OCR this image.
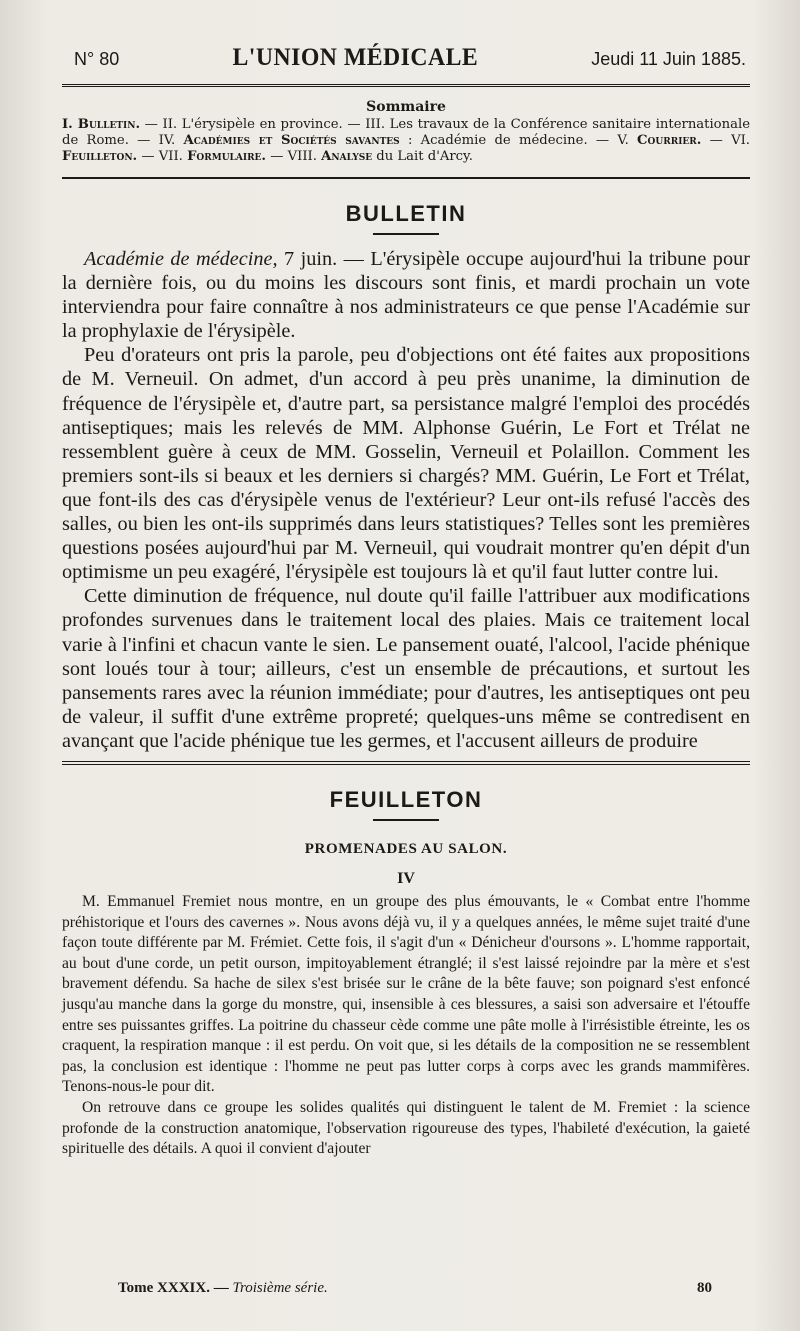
N° 80	L'UNION MÉDICALE	Jeudi 11 Juin 1885.
Sommaire
I. Bulletin. — II. L'érysipèle en province. — III. Les travaux de la Conférence sanitaire internationale de Rome. — IV. Académies et Sociétés savantes : Académie de médecine. — V. Courrier. — VI. Feuilleton. — VII. Formulaire. — VIII. Analyse du Lait d'Arcy.
BULLETIN

Académie de médecine, 7 juin. — L'érysipèle occupe aujourd'hui la tribune pour la dernière fois, ou du moins les discours sont finis, et mardi prochain un vote interviendra pour faire connaître à nos administrateurs ce que pense l'Académie sur la prophylaxie de l'érysipèle.

Peu d'orateurs ont pris la parole, peu d'objections ont été faites aux propositions de M. Verneuil. On admet, d'un accord à peu près unanime, la diminution de fréquence de l'érysipèle et, d'autre part, sa persistance malgré l'emploi des procédés antiseptiques; mais les relevés de MM. Alphonse Guérin, Le Fort et Trélat ne ressemblent guère à ceux de MM. Gosselin, Verneuil et Polaillon. Comment les premiers sont-ils si beaux et les derniers si chargés? MM. Guérin, Le Fort et Trélat, que font-ils des cas d'érysipèle venus de l'extérieur? Leur ont-ils refusé l'accès des salles, ou bien les ont-ils supprimés dans leurs statistiques? Telles sont les premières questions posées aujourd'hui par M. Verneuil, qui voudrait montrer qu'en dépit d'un optimisme un peu exagéré, l'érysipèle est toujours là et qu'il faut lutter contre lui.

Cette diminution de fréquence, nul doute qu'il faille l'attribuer aux modifications profondes survenues dans le traitement local des plaies. Mais ce traitement local varie à l'infini et chacun vante le sien. Le pansement ouaté, l'alcool, l'acide phénique sont loués tour à tour; ailleurs, c'est un ensemble de précautions, et surtout les pansements rares avec la réunion immédiate; pour d'autres, les antiseptiques ont peu de valeur, il suffit d'une extrême propreté; quelques-uns même se contredisent en avançant que l'acide phénique tue les germes, et l'accusent ailleurs de produire

FEUILLETON
PROMENADES AU SALON.
IV

M. Emmanuel Fremiet nous montre, en un groupe des plus émouvants, le « Combat entre l'homme préhistorique et l'ours des cavernes ». Nous avons déjà vu, il y a quelques années, le même sujet traité d'une façon toute différente par M. Frémiet. Cette fois, il s'agit d'un « Dénicheur d'oursons ». L'homme rapportait, au bout d'une corde, un petit ourson, impitoyablement étranglé; il s'est laissé rejoindre par la mère et s'est bravement défendu. Sa hache de silex s'est brisée sur le crâne de la bête fauve; son poignard s'est enfoncé jusqu'au manche dans la gorge du monstre, qui, insensible à ces blessures, a saisi son adversaire et l'étouffe entre ses puissantes griffes. La poitrine du chasseur cède comme une pâte molle à l'irrésistible étreinte, les os craquent, la respiration manque : il est perdu. On voit que, si les détails de la composition ne se ressemblent pas, la conclusion est identique : l'homme ne peut pas lutter corps à corps avec les grands mammifères. Tenons-nous-le pour dit.

On retrouve dans ce groupe les solides qualités qui distinguent le talent de M. Fremiet : la science profonde de la construction anatomique, l'observation rigoureuse des types, l'habileté d'exécution, la gaieté spirituelle des détails. A quoi il convient d'ajouter

Tome XXXIX. — Troisième série.	80
